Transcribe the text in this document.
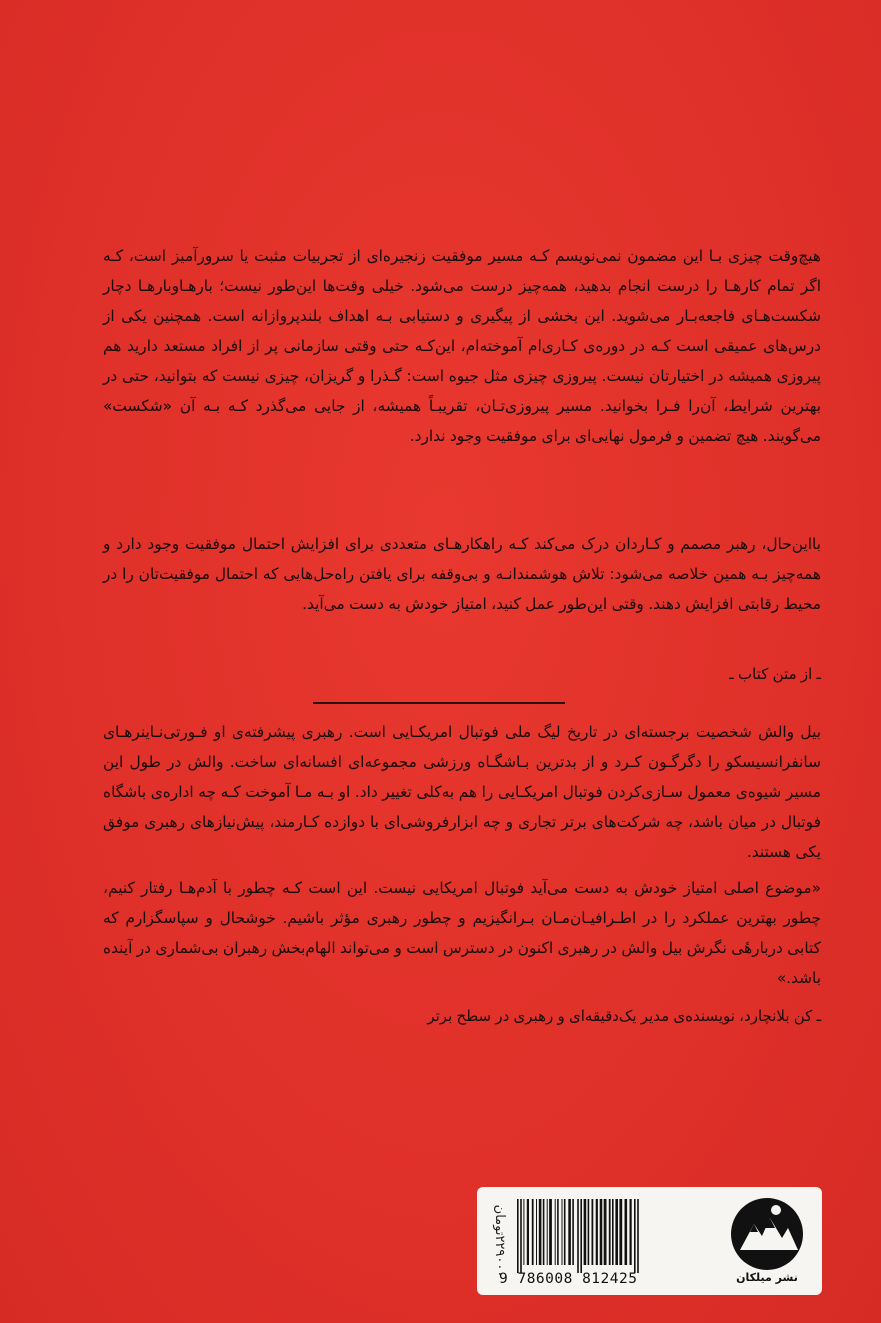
هیچ‌وقت چیزی بـا این مضمون نمی‌نویسم کـه مسیر موفقیت زنجیره‌ای از تجربیات مثبت یا سرورآمیز است، کـه اگر تمام کارهـا را درست انجام بدهید، همه‌چیز درست می‌شود. خیلی وقت‌ها این‌طور نیست؛ بارهـا‌وبارهـا دچار شکست‌هـای فاجعه‌بـار می‌شوید. این بخشی از پیگیری و دستیابی بـه اهداف بلندپروازانه است. همچنین یکی از درس‌های عمیقی است کـه در دوره‌ی کـاری‌ام آموخته‌ام، این‌کـه حتی وقتی سازمانی پر از افراد مستعد دارید هم پیروزی همیشه در اختیارتان نیست. پیروزی چیزی مثل جیوه است: گـذرا و گریزان، چیزی نیست که بتوانید، حتی در بهترین شرایط، آن‌را فـرا بخوانید. مسیر پیروزی‌تـان، تقریبـاً همیشه، از جایی می‌گذرد کـه بـه آن «شکست» می‌گویند. هیچ تضمین و فرمول نهایی‌ای برای موفقیت وجود ندارد.

بااین‌حال، رهبر مصمم و کـاردان درک می‌کند کـه راهکارهـای متعددی برای افزایش احتمال موفقیت وجود دارد و همه‌چیز بـه همین خلاصه می‌شود: تلاش هوشمندانـه و بی‌وقفه برای یافتن راه‌حل‌هایی که احتمال موفقیت‌تان را در محیط رقابتی افزایش دهند. وقتی این‌طور عمل کنید، امتیاز خودش به دست می‌آید.

ـ از متن کتاب ـ

بیل والش شخصیت برجسته‌ای در تاریخ لیگ ملی فوتبال امریکـایی است. رهبری پیشرفته‌ی او فـورتی‌نـاینرهـای سانفرانسیسکو را دگرگـون کـرد و از بدترین بـاشگـاه ورزشی مجموعه‌ای افسانه‌ای ساخت. والش در طول این مسیر شیوه‌ی معمول سـازی‌کردن فوتبال امریکـایی را هم به‌کلی تغییر داد. او بـه مـا آموخت کـه چه اداره‌ی باشگاه فوتبال در میان باشد، چه شرکت‌های برتر تجاری و چه ابزارفروشی‌ای با دوازده کـارمند، پیش‌نیازهای رهبری موفق یکی هستند.

«موضوع اصلی امتیاز خودش به دست می‌آید فوتبال امریکایی نیست. این است کـه چطور با آدم‌هـا رفتار کنیم، چطور بهترین عملکرد را در اطـرافیـان‌مـان بـرانگیزیم و چطور رهبری مؤثر باشیم. خوشحال و سپاسگزارم که کتابی دربارهٔی نگرش بیل والش در رهبری اکنون در دسترس است و می‌تواند الهام‌بخش رهبران بی‌شماری در آینده باشد.»

ـ کن بلانچارد، نویسنده‌ی مدیر یک‌دقیقه‌ای و رهبری در سطح برتر

۲۲۹۰۰۰تومان
9 786008 812425	نشر میلکان
